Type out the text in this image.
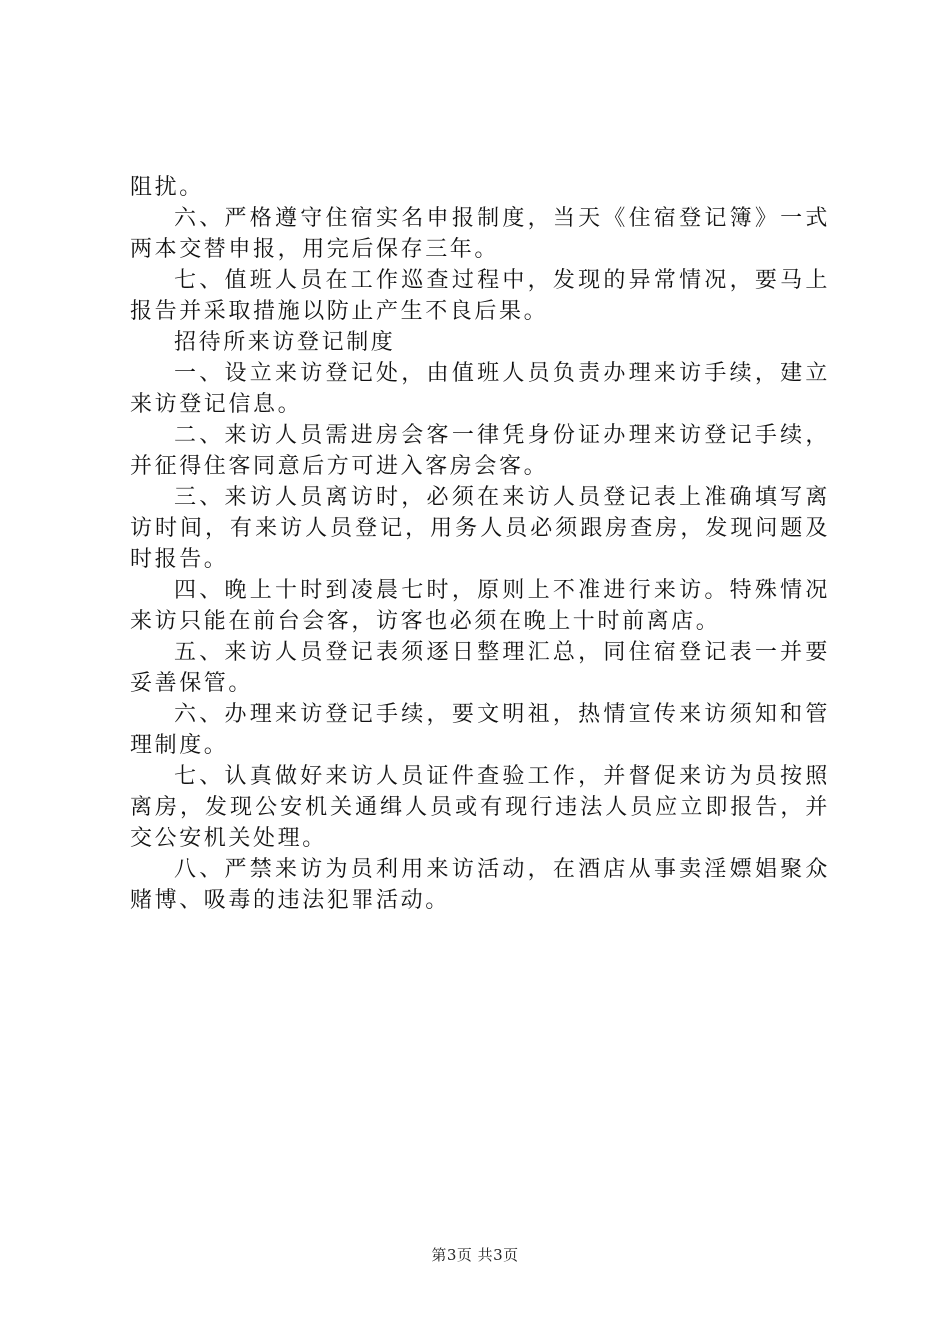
阻扰。

六、严格遵守住宿实名申报制度，当天《住宿登记簿》一式两本交替申报，用完后保存三年。

七、值班人员在工作巡查过程中，发现的异常情况，要马上报告并采取措施以防止产生不良后果。

招待所来访登记制度

一、设立来访登记处，由值班人员负责办理来访手续，建立来访登记信息。

二、来访人员需进房会客一律凭身份证办理来访登记手续，并征得住客同意后方可进入客房会客。

三、来访人员离访时，必须在来访人员登记表上准确填写离访时间，有来访人员登记，用务人员必须跟房查房，发现问题及时报告。

四、晚上十时到凌晨七时，原则上不准进行来访。特殊情况来访只能在前台会客，访客也必须在晚上十时前离店。

五、来访人员登记表须逐日整理汇总，同住宿登记表一并要妥善保管。

六、办理来访登记手续，要文明祖，热情宣传来访须知和管理制度。

七、认真做好来访人员证件查验工作，并督促来访为员按照离房，发现公安机关通缉人员或有现行违法人员应立即报告，并交公安机关处理。

八、严禁来访为员利用来访活动，在酒店从事卖淫嫖娼聚众赌博、吸毒的违法犯罪活动。

第3页 共3页
